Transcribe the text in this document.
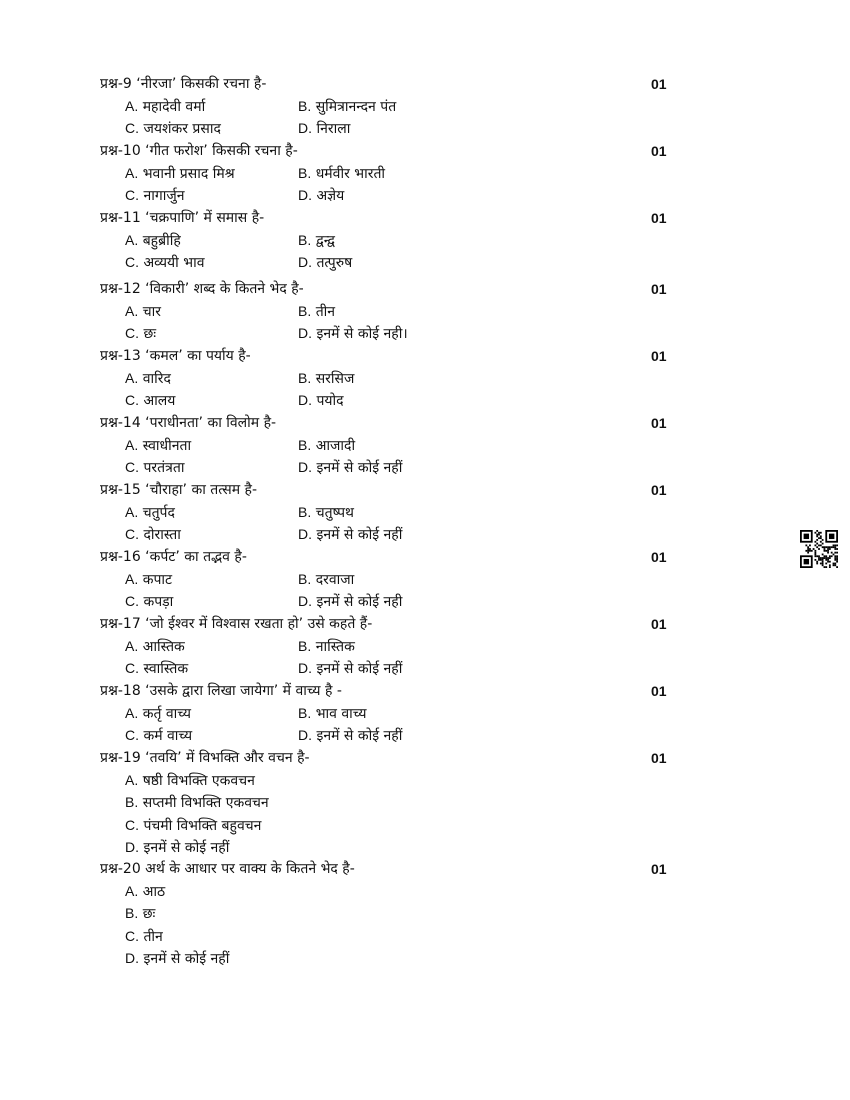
प्रश्न-9 ‘नीरजा’ किसकी रचना है-	01
A. महादेवी वर्मा	B. सुमित्रानन्दन पंत
C. जयशंकर प्रसाद	D. निराला

प्रश्न-10 ‘गीत फरोश’ किसकी रचना है-	01
A. भवानी प्रसाद मिश्र	B. धर्मवीर भारती
C. नागार्जुन	D. अज्ञेय

प्रश्न-11 ‘चक्रपाणि’ में समास है-	01
A. बहुब्रीहि	B. द्वन्द्व
C. अव्ययी भाव	D. तत्पुरुष

प्रश्न-12 ‘विकारी’ शब्द के कितने भेद है-	01
A. चार	B. तीन
C. छः	D. इनमें से कोई नही।

प्रश्न-13 ‘कमल’ का पर्याय है-	01
A. वारिद	B. सरसिज
C. आलय	D. पयोद

प्रश्न-14 ‘पराधीनता’ का विलोम है-	01
A. स्वाधीनता	B. आजादी
C. परतंत्रता	D. इनमें से कोई नहीं

प्रश्न-15 ‘चौराहा’ का तत्सम है-	01
A. चतुर्पद	B. चतुष्पथ
C. दोरास्ता	D. इनमें से कोई नहीं

प्रश्न-16 ‘कर्पट’ का तद्भव है-	01
A. कपाट	B. दरवाजा
C. कपड़ा	D. इनमें से कोई नही

प्रश्न-17 ‘जो ईश्वर में विश्वास रखता हो’ उसे कहते हैं-	01
A. आस्तिक	B. नास्तिक
C. स्वास्तिक	D. इनमें से कोई नहीं

प्रश्न-18 ‘उसके द्वारा लिखा जायेगा’ में वाच्य है -	01
A. कर्तृ वाच्य	B. भाव वाच्य
C. कर्म वाच्य	D. इनमें से कोई नहीं

प्रश्न-19 ‘तवयि’ में विभक्ति और वचन है-	01
A. षष्ठी विभक्ति एकवचन
B. सप्तमी विभक्ति एकवचन
C. पंचमी विभक्ति बहुवचन
D. इनमें से कोई नहीं
प्रश्न-20 अर्थ के आधार पर वाक्य के कितने भेद है-	01
A. आठ
B. छः
C. तीन
D. इनमें से कोई नहीं
